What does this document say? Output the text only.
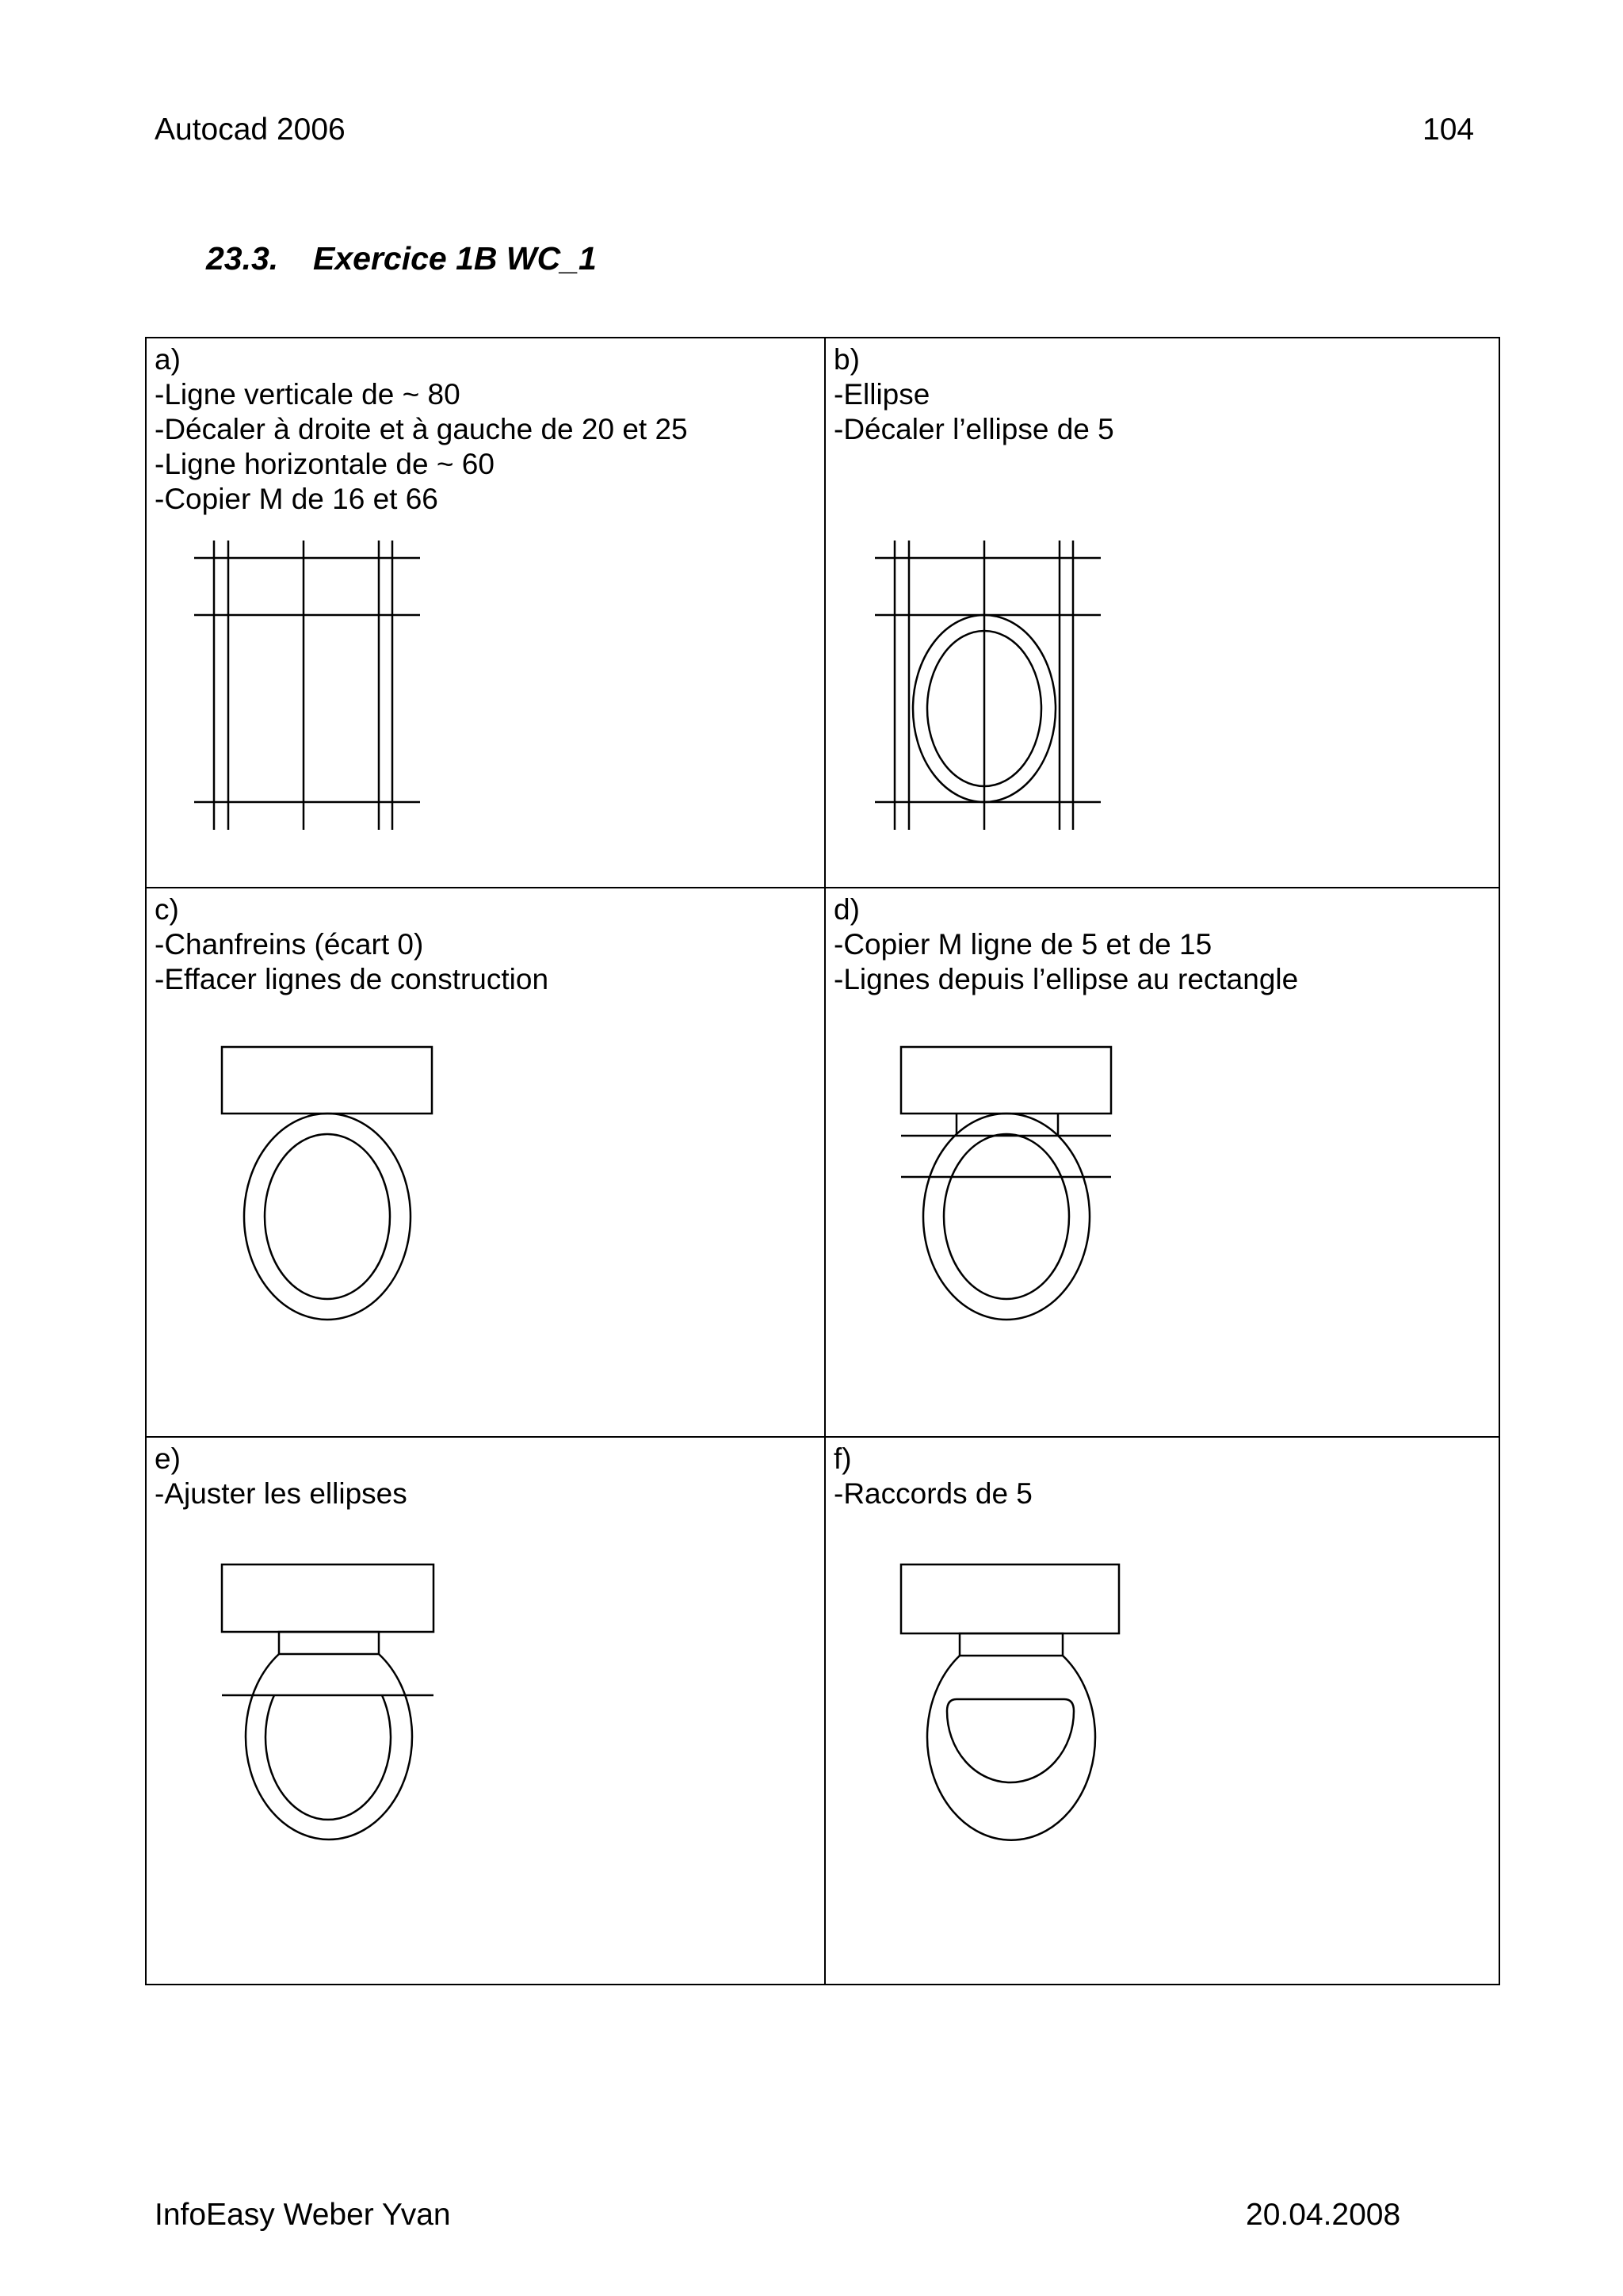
Autocad 2006	104
23.3. Exercice 1B WC_1
a)
-Ligne verticale de ~ 80
-Décaler à droite et à gauche de 20 et 25
-Ligne horizontale de ~ 60
-Copier M de 16 et 66
b)
-Ellipse
-Décaler l’ellipse de 5
c)
-Chanfreins (écart 0)
-Effacer lignes de construction
d)
-Copier M ligne de 5 et de 15
-Lignes depuis l’ellipse au rectangle
e)
-Ajuster les ellipses
f)
-Raccords de 5
InfoEasy Weber Yvan	20.04.2008
